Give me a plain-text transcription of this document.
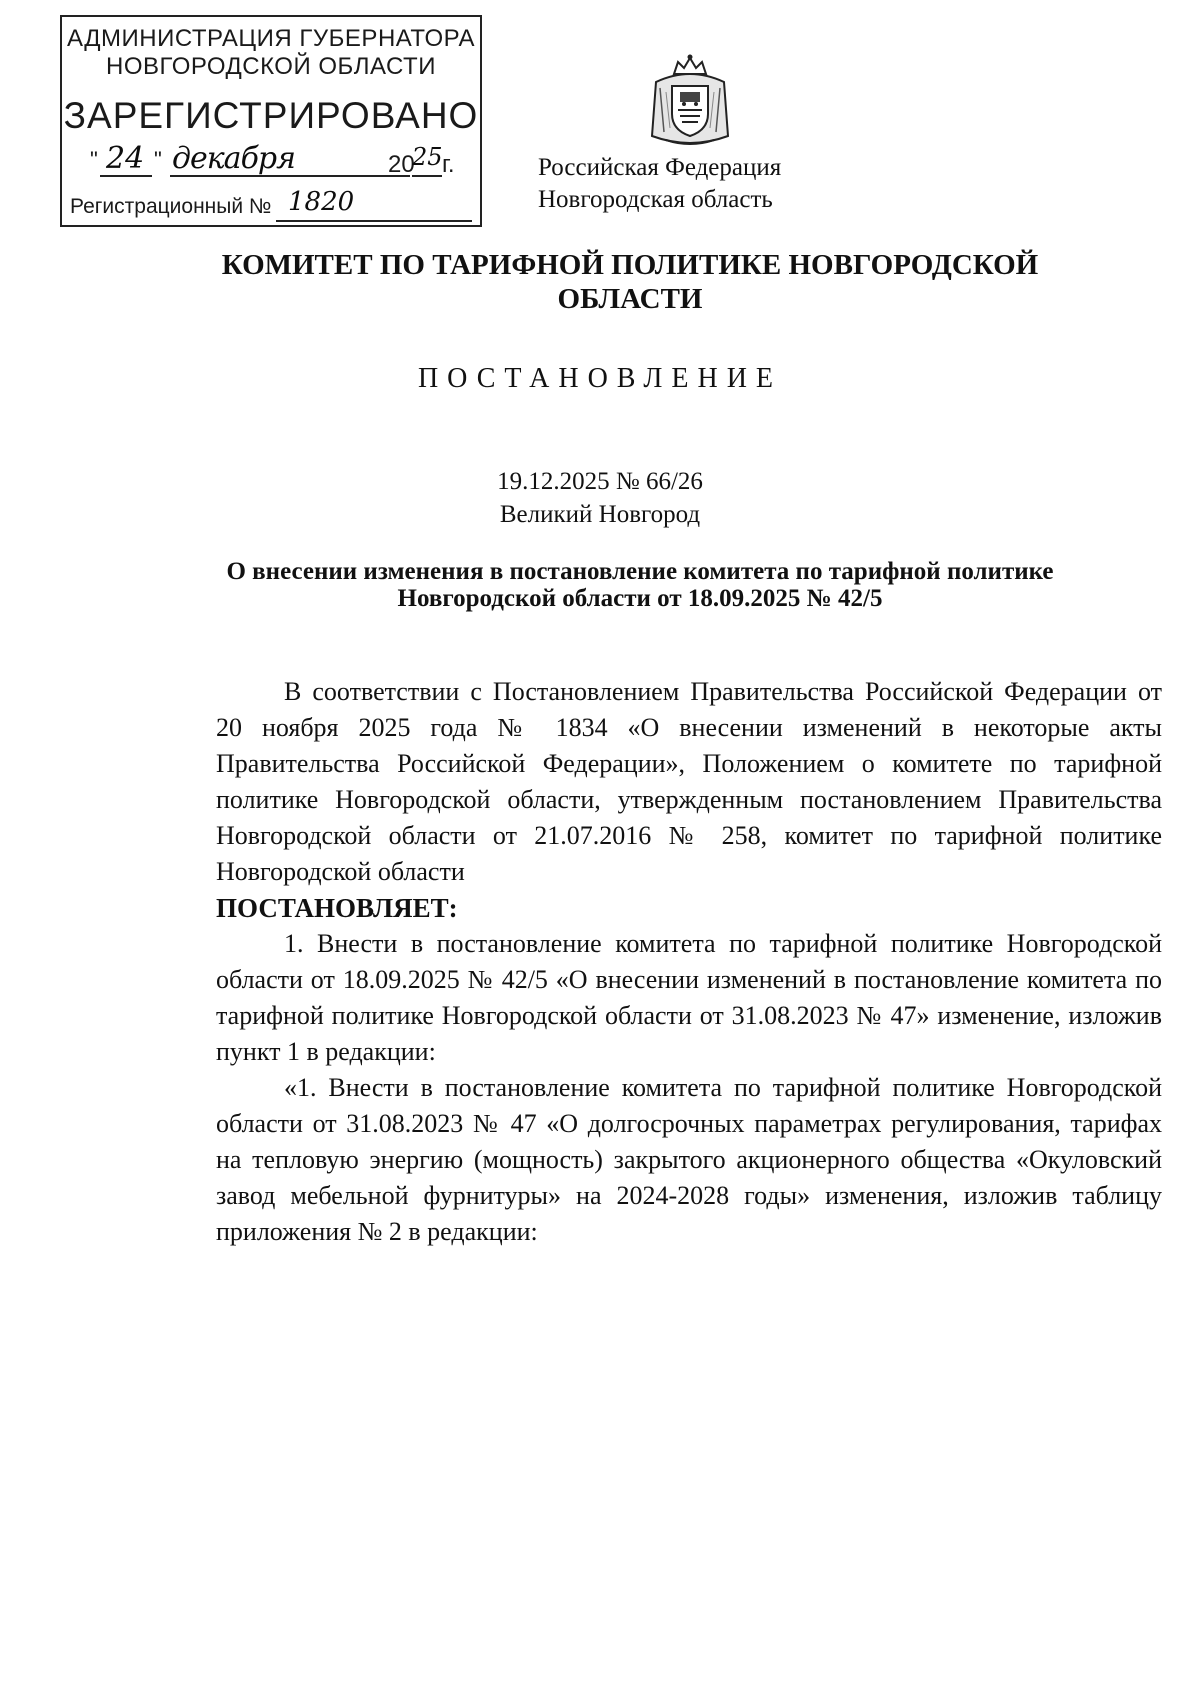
АДМИНИСТРАЦИЯ ГУБЕРНАТОРА
НОВГОРОДСКОЙ ОБЛАСТИ
ЗАРЕГИСТРИРОВАНО
" 24 " декабря	20
25 г.
Регистрационный № 1820
Российская Федерация
Новгородская область
КОМИТЕТ ПО ТАРИФНОЙ ПОЛИТИКЕ НОВГОРОДСКОЙ ОБЛАСТИ
ПОСТАНОВЛЕНИЕ
19.12.2025 № 66/26
Великий Новгород
О внесении изменения в постановление комитета по тарифной политике Новгородской области от 18.09.2025 № 42/5

В соответствии с Постановлением Правительства Российской Федерации от 20 ноября 2025 года № 1834 «О внесении изменений в некоторые акты Правительства Российской Федерации», Положением о комитете по тарифной политике Новгородской области, утвержденным постановлением Правительства Новгородской области от 21.07.2016 № 258, комитет по тарифной политике Новгородской области

ПОСТАНОВЛЯЕТ:

1. Внести в постановление комитета по тарифной политике Новгородской области от 18.09.2025 № 42/5 «О внесении изменений в постановление комитета по тарифной политике Новгородской области от 31.08.2023 № 47» изменение, изложив пункт 1 в редакции:

«1. Внести в постановление комитета по тарифной политике Новгородской области от 31.08.2023 № 47 «О долгосрочных параметрах регулирования, тарифах на тепловую энергию (мощность) закрытого акционерного общества «Окуловский завод мебельной фурнитуры» на 2024-2028 годы» изменения, изложив таблицу приложения № 2 в редакции:
